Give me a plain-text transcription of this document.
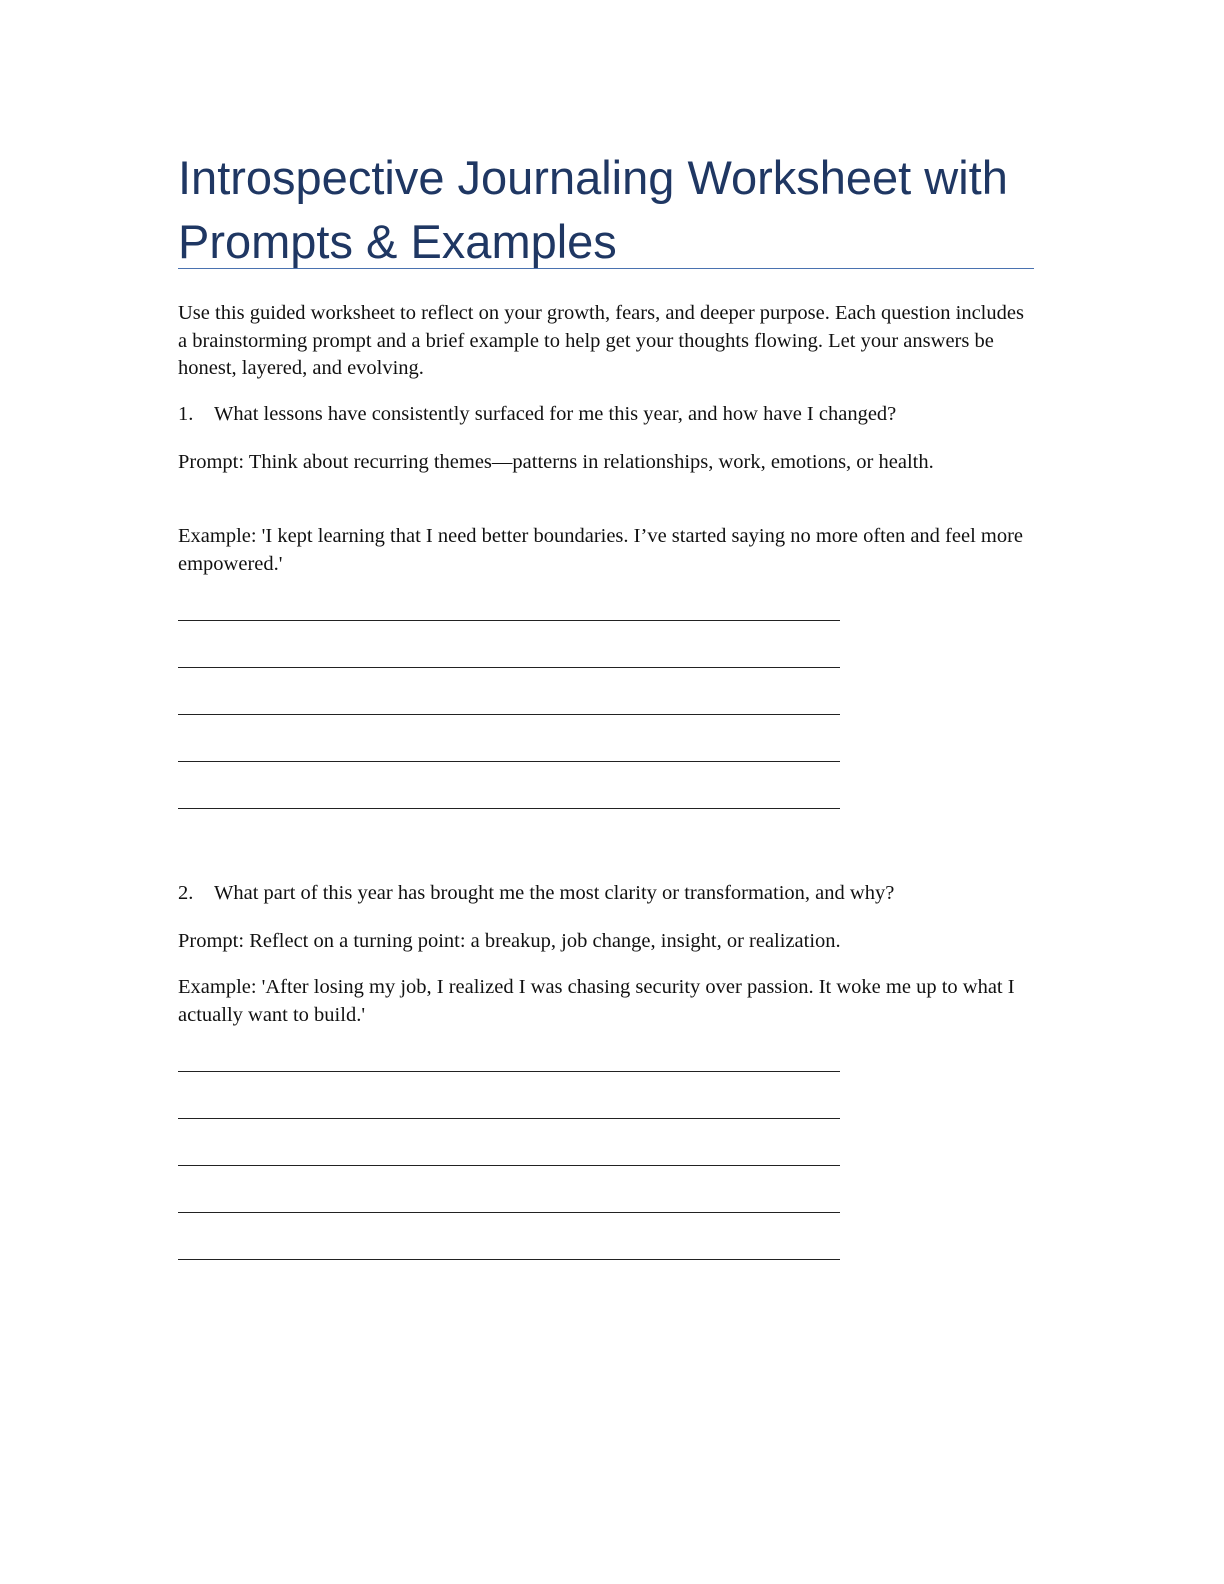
Introspective Journaling Worksheet with Prompts & Examples

Use this guided worksheet to reflect on your growth, fears, and deeper purpose. Each question includes a brainstorming prompt and a brief example to help get your thoughts flowing. Let your answers be honest, layered, and evolving.

1.	What lessons have consistently surfaced for me this year, and how have I changed?

Prompt: Think about recurring themes—patterns in relationships, work, emotions, or health.

Example: 'I kept learning that I need better boundaries. I’ve started saying no more often and feel more empowered.'

2.	What part of this year has brought me the most clarity or transformation, and why?

Prompt: Reflect on a turning point: a breakup, job change, insight, or realization.

Example: 'After losing my job, I realized I was chasing security over passion. It woke me up to what I actually want to build.'
